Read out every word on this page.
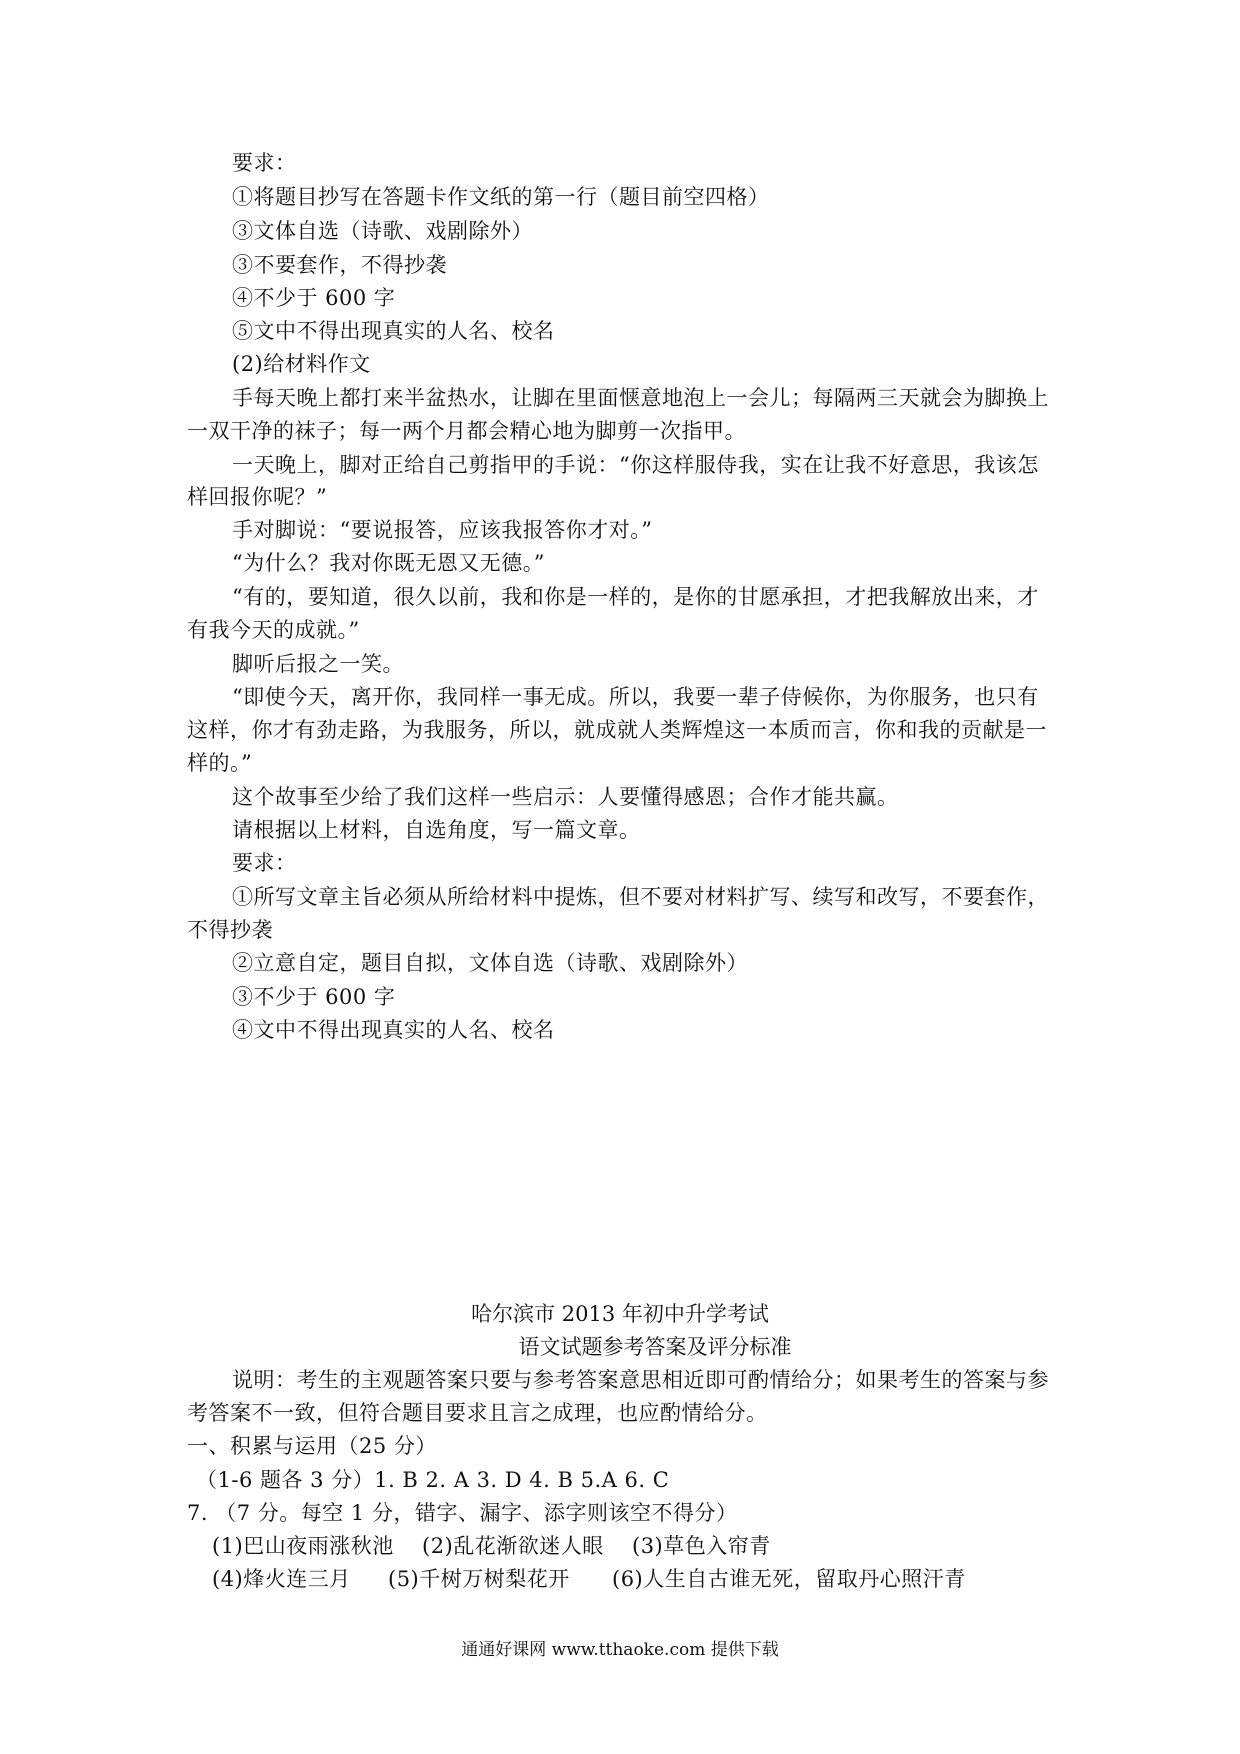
要求：
①将题目抄写在答题卡作文纸的第一行（题目前空四格）
③文体自选（诗歌、戏剧除外）
③不要套作，不得抄袭
④不少于 600 字
⑤文中不得出现真实的人名、校名
(2)给材料作文
手每天晚上都打来半盆热水，让脚在里面惬意地泡上一会儿；每隔两三天就会为脚换上
一双干净的袜子；每一两个月都会精心地为脚剪一次指甲。
一天晚上，脚对正给自己剪指甲的手说：“你这样服侍我，实在让我不好意思，我该怎
样回报你呢？”
手对脚说：“要说报答，应该我报答你才对。”
“为什么？我对你既无恩又无德。”
“有的，要知道，很久以前，我和你是一样的，是你的甘愿承担，才把我解放出来，才
有我今天的成就。”
脚听后报之一笑。
“即使今天，离开你，我同样一事无成。所以，我要一辈子侍候你，为你服务，也只有
这样，你才有劲走路，为我服务，所以，就成就人类辉煌这一本质而言，你和我的贡献是一
样的。”
这个故事至少给了我们这样一些启示：人要懂得感恩；合作才能共赢。
请根据以上材料，自选角度，写一篇文章。
要求：
①所写文章主旨必须从所给材料中提炼，但不要对材料扩写、续写和改写，不要套作，
不得抄袭
②立意自定，题目自拟，文体自选（诗歌、戏剧除外）
③不少于 600 字
④文中不得出现真实的人名、校名
哈尔滨市 2013 年初中升学考试
语文试题参考答案及评分标准
说明：考生的主观题答案只要与参考答案意思相近即可酌情给分；如果考生的答案与参
考答案不一致，但符合题目要求且言之成理，也应酌情给分。
一、积累与运用（25 分）
（1-6 题各 3 分）1. B 2. A 3. D 4. B 5.A 6. C
7. （7 分。每空 1 分，错字、漏字、添字则该空不得分）
(1)巴山夜雨涨秋池 (2)乱花渐欲迷人眼 (3)草色入帘青
(4)烽火连三月 (5)千树万树梨花开 (6)人生自古谁无死，留取丹心照汗青
通通好课网 www.tthaoke.com 提供下载
